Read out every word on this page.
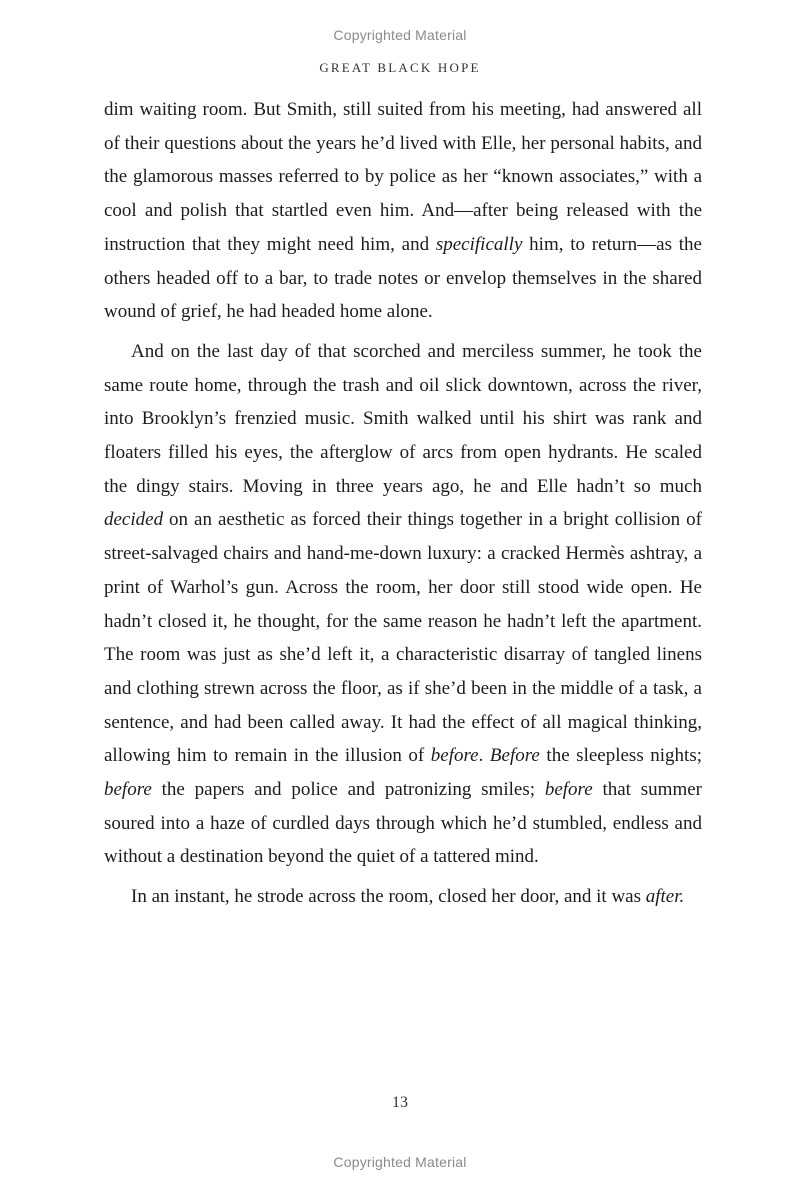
Copyrighted Material
GREAT BLACK HOPE

dim waiting room. But Smith, still suited from his meeting, had answered all of their questions about the years he’d lived with Elle, her personal habits, and the glamorous masses referred to by police as her “known associates,” with a cool and polish that startled even him. And—after being released with the instruction that they might need him, and specifically him, to return—as the others headed off to a bar, to trade notes or envelop themselves in the shared wound of grief, he had headed home alone.

And on the last day of that scorched and merciless summer, he took the same route home, through the trash and oil slick downtown, across the river, into Brooklyn’s frenzied music. Smith walked until his shirt was rank and floaters filled his eyes, the afterglow of arcs from open hydrants. He scaled the dingy stairs. Moving in three years ago, he and Elle hadn’t so much decided on an aesthetic as forced their things together in a bright collision of street-salvaged chairs and hand-me-down luxury: a cracked Hermès ashtray, a print of Warhol’s gun. Across the room, her door still stood wide open. He hadn’t closed it, he thought, for the same reason he hadn’t left the apartment. The room was just as she’d left it, a characteristic disarray of tangled linens and clothing strewn across the floor, as if she’d been in the middle of a task, a sentence, and had been called away. It had the effect of all magical thinking, allowing him to remain in the illusion of before. Before the sleepless nights; before the papers and police and patronizing smiles; before that summer soured into a haze of curdled days through which he’d stumbled, endless and without a destination beyond the quiet of a tattered mind.

In an instant, he strode across the room, closed her door, and it was after.

13
Copyrighted Material
